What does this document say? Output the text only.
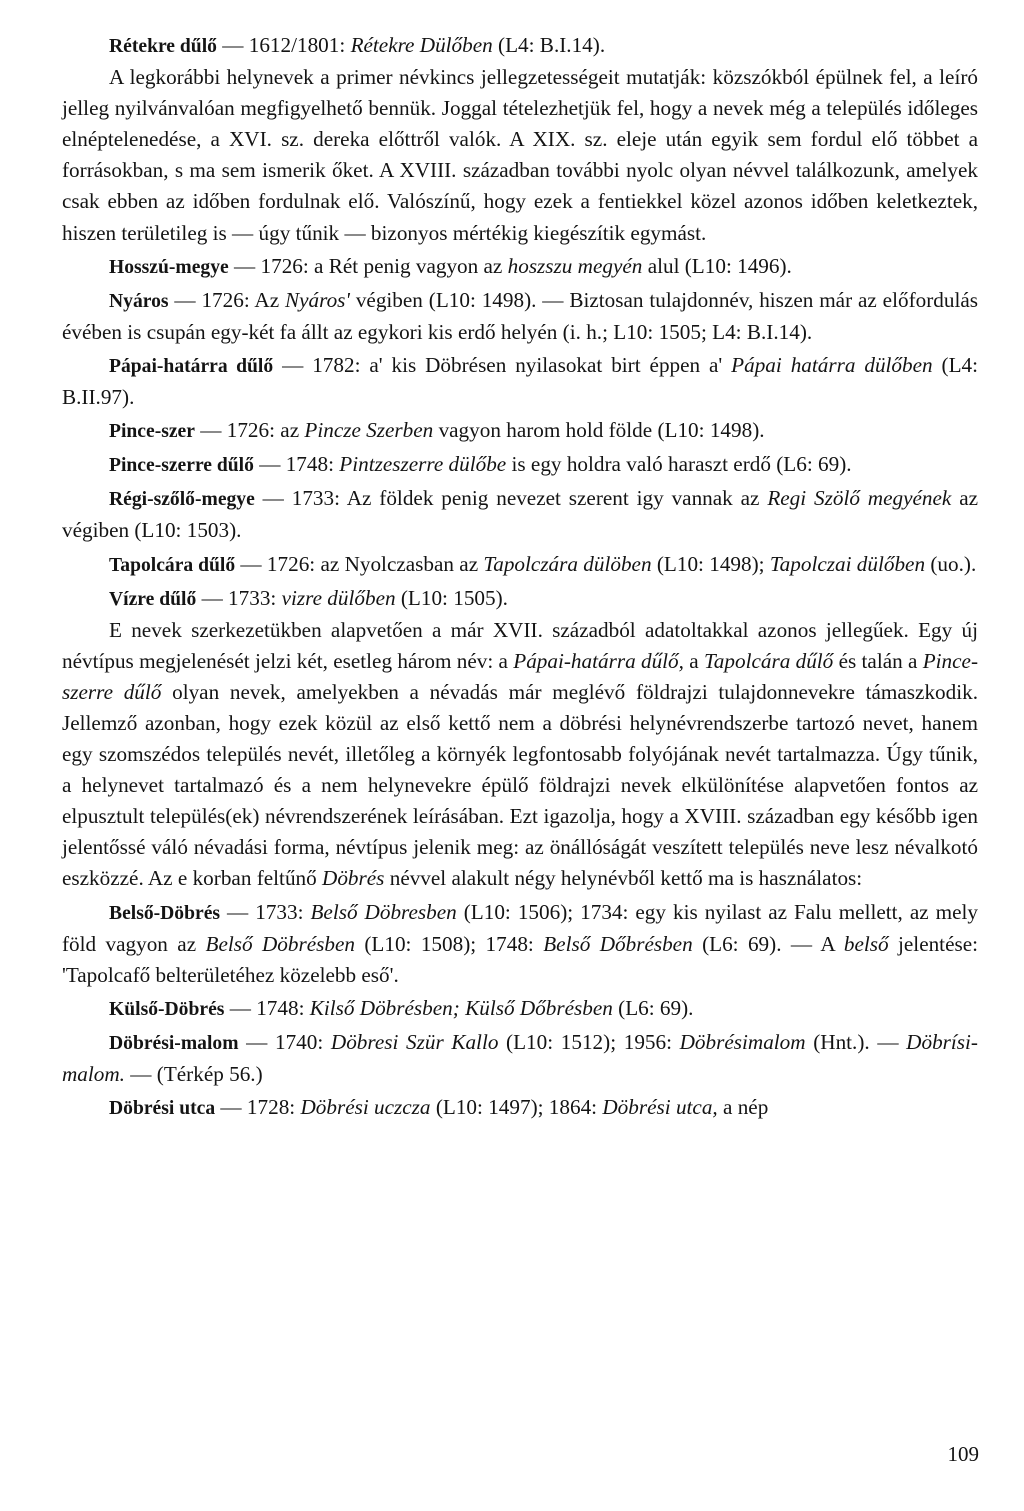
Rétekre dűlő — 1612/1801: Rétekre Dülőben (L4: B.I.14).

A legkorábbi helynevek a primer névkincs jellegzetességeit mutatják: közszókból épülnek fel, a leíró jelleg nyilvánvalóan megfigyelhető bennük. Joggal tételezhetjük fel, hogy a nevek még a település időleges elnéptelenedése, a XVI. sz. dereka előttről valók. A XIX. sz. eleje után egyik sem fordul elő többet a forrásokban, s ma sem ismerik őket. A XVIII. században további nyolc olyan névvel találkozunk, amelyek csak ebben az időben fordulnak elő. Valószínű, hogy ezek a fentiekkel közel azonos időben keletkeztek, hiszen területileg is — úgy tűnik — bizonyos mértékig kiegészítik egymást.

Hosszú-megye — 1726: a Rét penig vagyon az hoszszu megyén alul (L10: 1496).

Nyáros — 1726: Az Nyáros' végiben (L10: 1498). — Biztosan tulajdonnév, hiszen már az előfordulás évében is csupán egy-két fa állt az egykori kis erdő helyén (i. h.; L10: 1505; L4: B.I.14).

Pápai-határra dűlő — 1782: a' kis Döbrésen nyilasokat birt éppen a' Pápai határra dülőben (L4: B.II.97).

Pince-szer — 1726: az Pincze Szerben vagyon harom hold földe (L10: 1498).

Pince-szerre dűlő — 1748: Pintzeszerre dülőbe is egy holdra való haraszt erdő (L6: 69).

Régi-szőlő-megye — 1733: Az földek penig nevezet szerent igy vannak az Regi Szölő megyének az végiben (L10: 1503).

Tapolcára dűlő — 1726: az Nyolczasban az Tapolczára dülöben (L10: 1498); Tapolczai dülőben (uo.).

Vízre dűlő — 1733: vizre dülőben (L10: 1505).

E nevek szerkezetükben alapvetően a már XVII. századból adatoltakkal azonos jellegűek. Egy új névtípus megjelenését jelzi két, esetleg három név: a Pápai-határra dűlő, a Tapolcára dűlő és talán a Pince-szerre dűlő olyan nevek, amelyekben a névadás már meglévő földrajzi tulajdonnevekre támaszkodik. Jellemző azonban, hogy ezek közül az első kettő nem a döbrési helynévrendszerbe tartozó nevet, hanem egy szomszédos település nevét, illetőleg a környék legfontosabb folyójának nevét tartalmazza. Úgy tűnik, a helynevet tartalmazó és a nem helynevekre épülő földrajzi nevek elkülönítése alapvetően fontos az elpusztult település(ek) névrendszerének leírásában. Ezt igazolja, hogy a XVIII. században egy később igen jelentőssé váló névadási forma, névtípus jelenik meg: az önállóságát veszített település neve lesz névalkotó eszközzé. Az e korban feltűnő Döbrés névvel alakult négy helynévből kettő ma is használatos:

Belső-Döbrés — 1733: Belső Döbresben (L10: 1506); 1734: egy kis nyilast az Falu mellett, az mely föld vagyon az Belső Döbrésben (L10: 1508); 1748: Belső Dőbrésben (L6: 69). — A belső jelentése: 'Tapolcafő belterületéhez közelebb eső'.

Külső-Döbrés — 1748: Kilső Döbrésben; Külső Dőbrésben (L6: 69).

Döbrési-malom — 1740: Döbresi Szür Kallo (L10: 1512); 1956: Döbrésimalom (Hnt.). — Döbrísi-malom. — (Térkép 56.)

Döbrési utca — 1728: Döbrési uczcza (L10: 1497); 1864: Döbrési utca, a nép

109
